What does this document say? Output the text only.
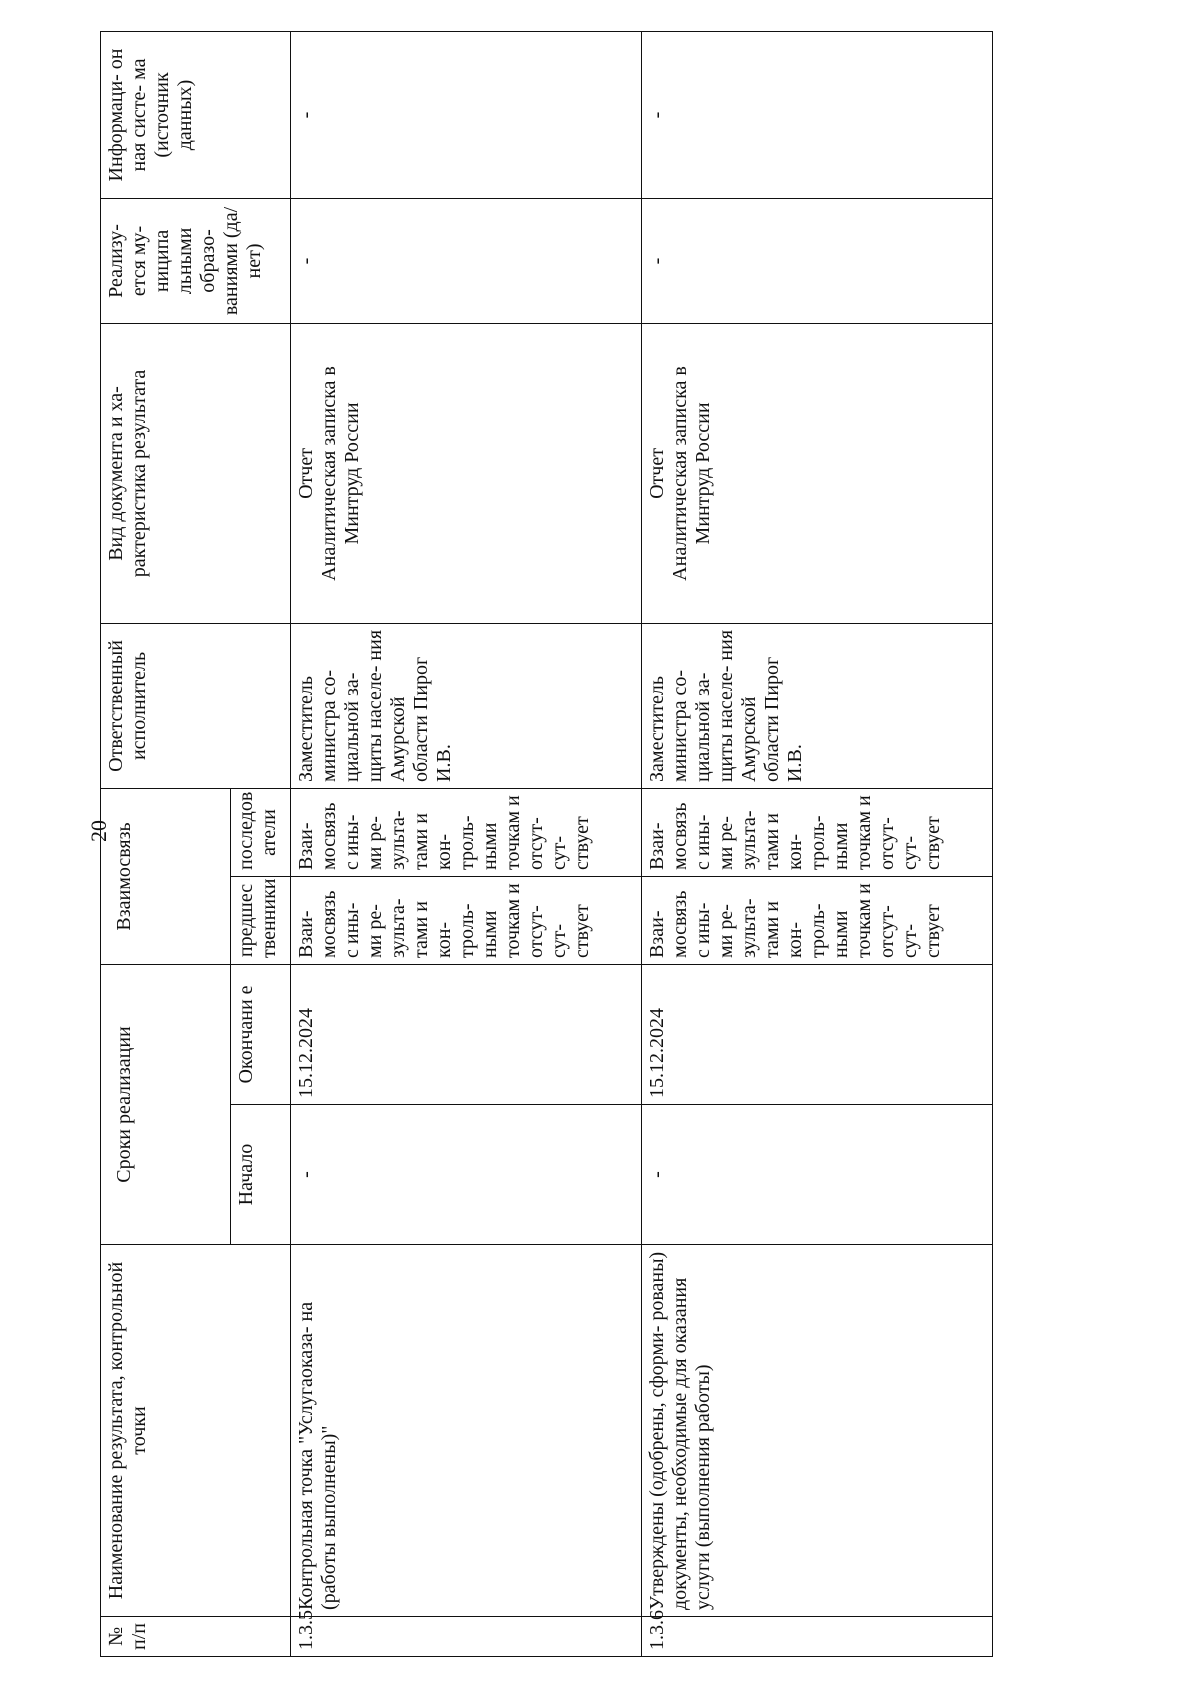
20
№ п/п	Наименование результата, контрольной точки	Сроки реализации		Взаимосвязь		Ответственный исполнитель	Вид документа и ха- рактеристика результата	Реализу- ется му- ниципа льными образо- ваниями (да/нет)	Информаци- он ная систе- ма (источник данных)
		Начало	Окончани е	предшес твенники	последов атели				
1.3.5	Контрольная точка "Услугаоказа- на (работы выполнены)"	-	15.12.2024	Взаи- мосвязь с ины- ми ре- зульта- тами и кон- троль- ными точкам и отсут- сут- ствует	Взаи- мосвязь с ины- ми ре- зульта- тами и кон- троль- ными точкам и отсут- сут- ствует	Заместитель министра со- циальной за- щиты населе- ния Амурской области Пирог И.В.	Отчет Аналитическая записка в Минтруд России	-	-
1.3.6	Утверждены (одобрены, сформи- рованы) документы, необходимые для оказания услуги (выполнения работы)	-	15.12.2024	Взаи- мосвязь с ины- ми ре- зульта- тами и кон- троль- ными точкам и отсут- сут- ствует	Взаи- мосвязь с ины- ми ре- зульта- тами и кон- троль- ными точкам и отсут- сут- ствует	Заместитель министра со- циальной за- щиты населе- ния Амурской области Пирог И.В.	Отчет Аналитическая записка в Минтруд России	-	-
